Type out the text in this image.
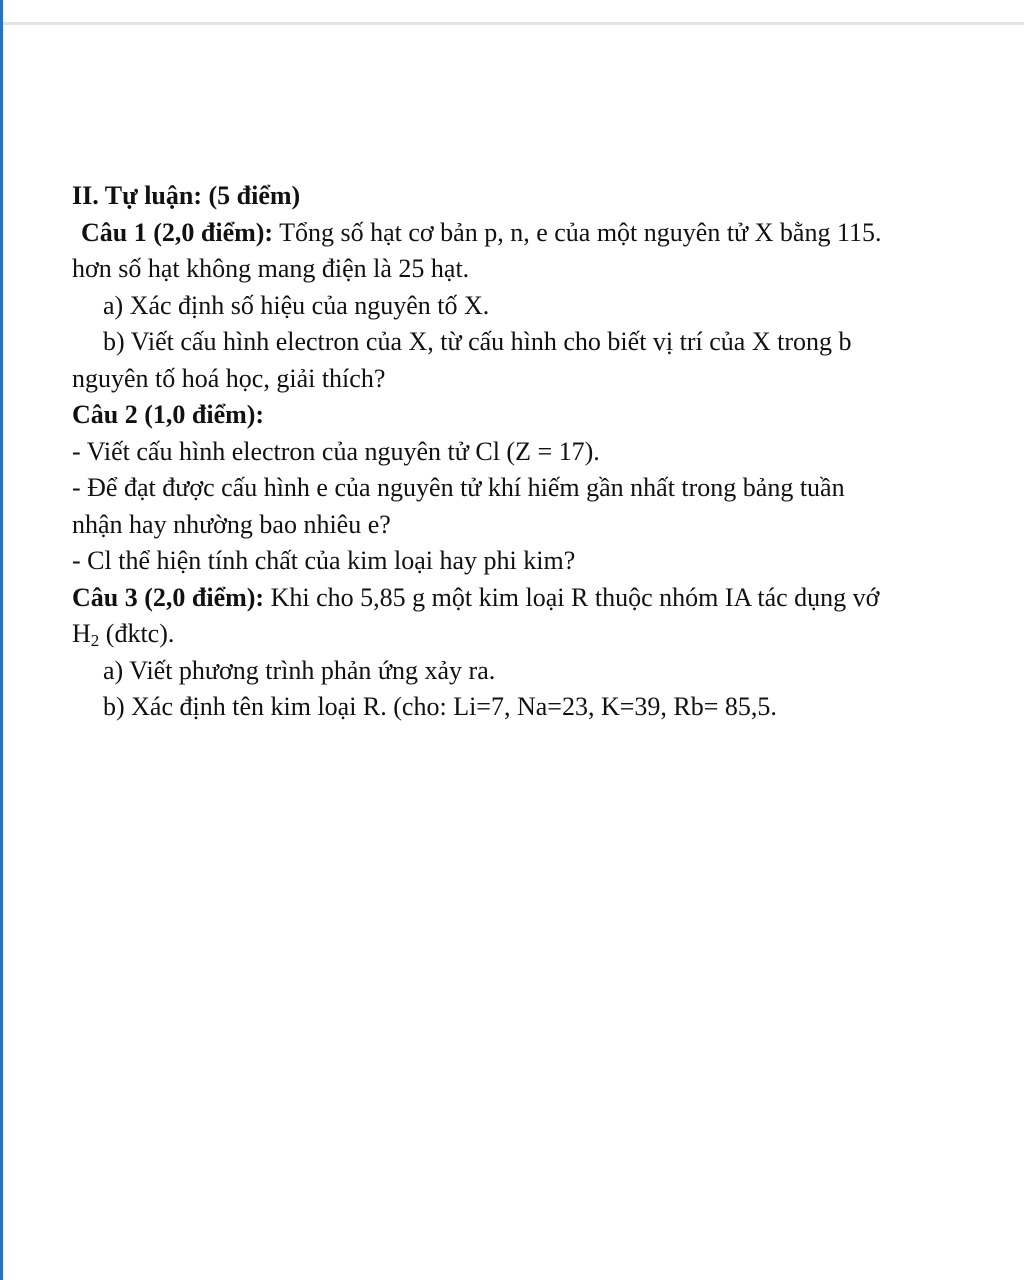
II. Tự luận: (5 điểm)
Câu 1 (2,0 điểm): Tổng số hạt cơ bản p, n, e của một nguyên tử X bằng 115.
hơn số hạt không mang điện là 25 hạt.
a) Xác định số hiệu của nguyên tố X.
b) Viết cấu hình electron của X, từ cấu hình cho biết vị trí của X trong b
nguyên tố hoá học, giải thích?
Câu 2 (1,0 điểm):
- Viết cấu hình electron của nguyên tử Cl (Z = 17).
- Để đạt được cấu hình e của nguyên tử khí hiếm gần nhất trong bảng tuần
nhận hay nhường bao nhiêu e?
- Cl thể hiện tính chất của kim loại hay phi kim?
Câu 3 (2,0 điểm): Khi cho 5,85 g một kim loại R thuộc nhóm IA tác dụng vớ
$H_2$ (đktc).
a) Viết phương trình phản ứng xảy ra.
b) Xác định tên kim loại R. (cho: Li=7, Na=23, K=39, Rb= 85,5.
